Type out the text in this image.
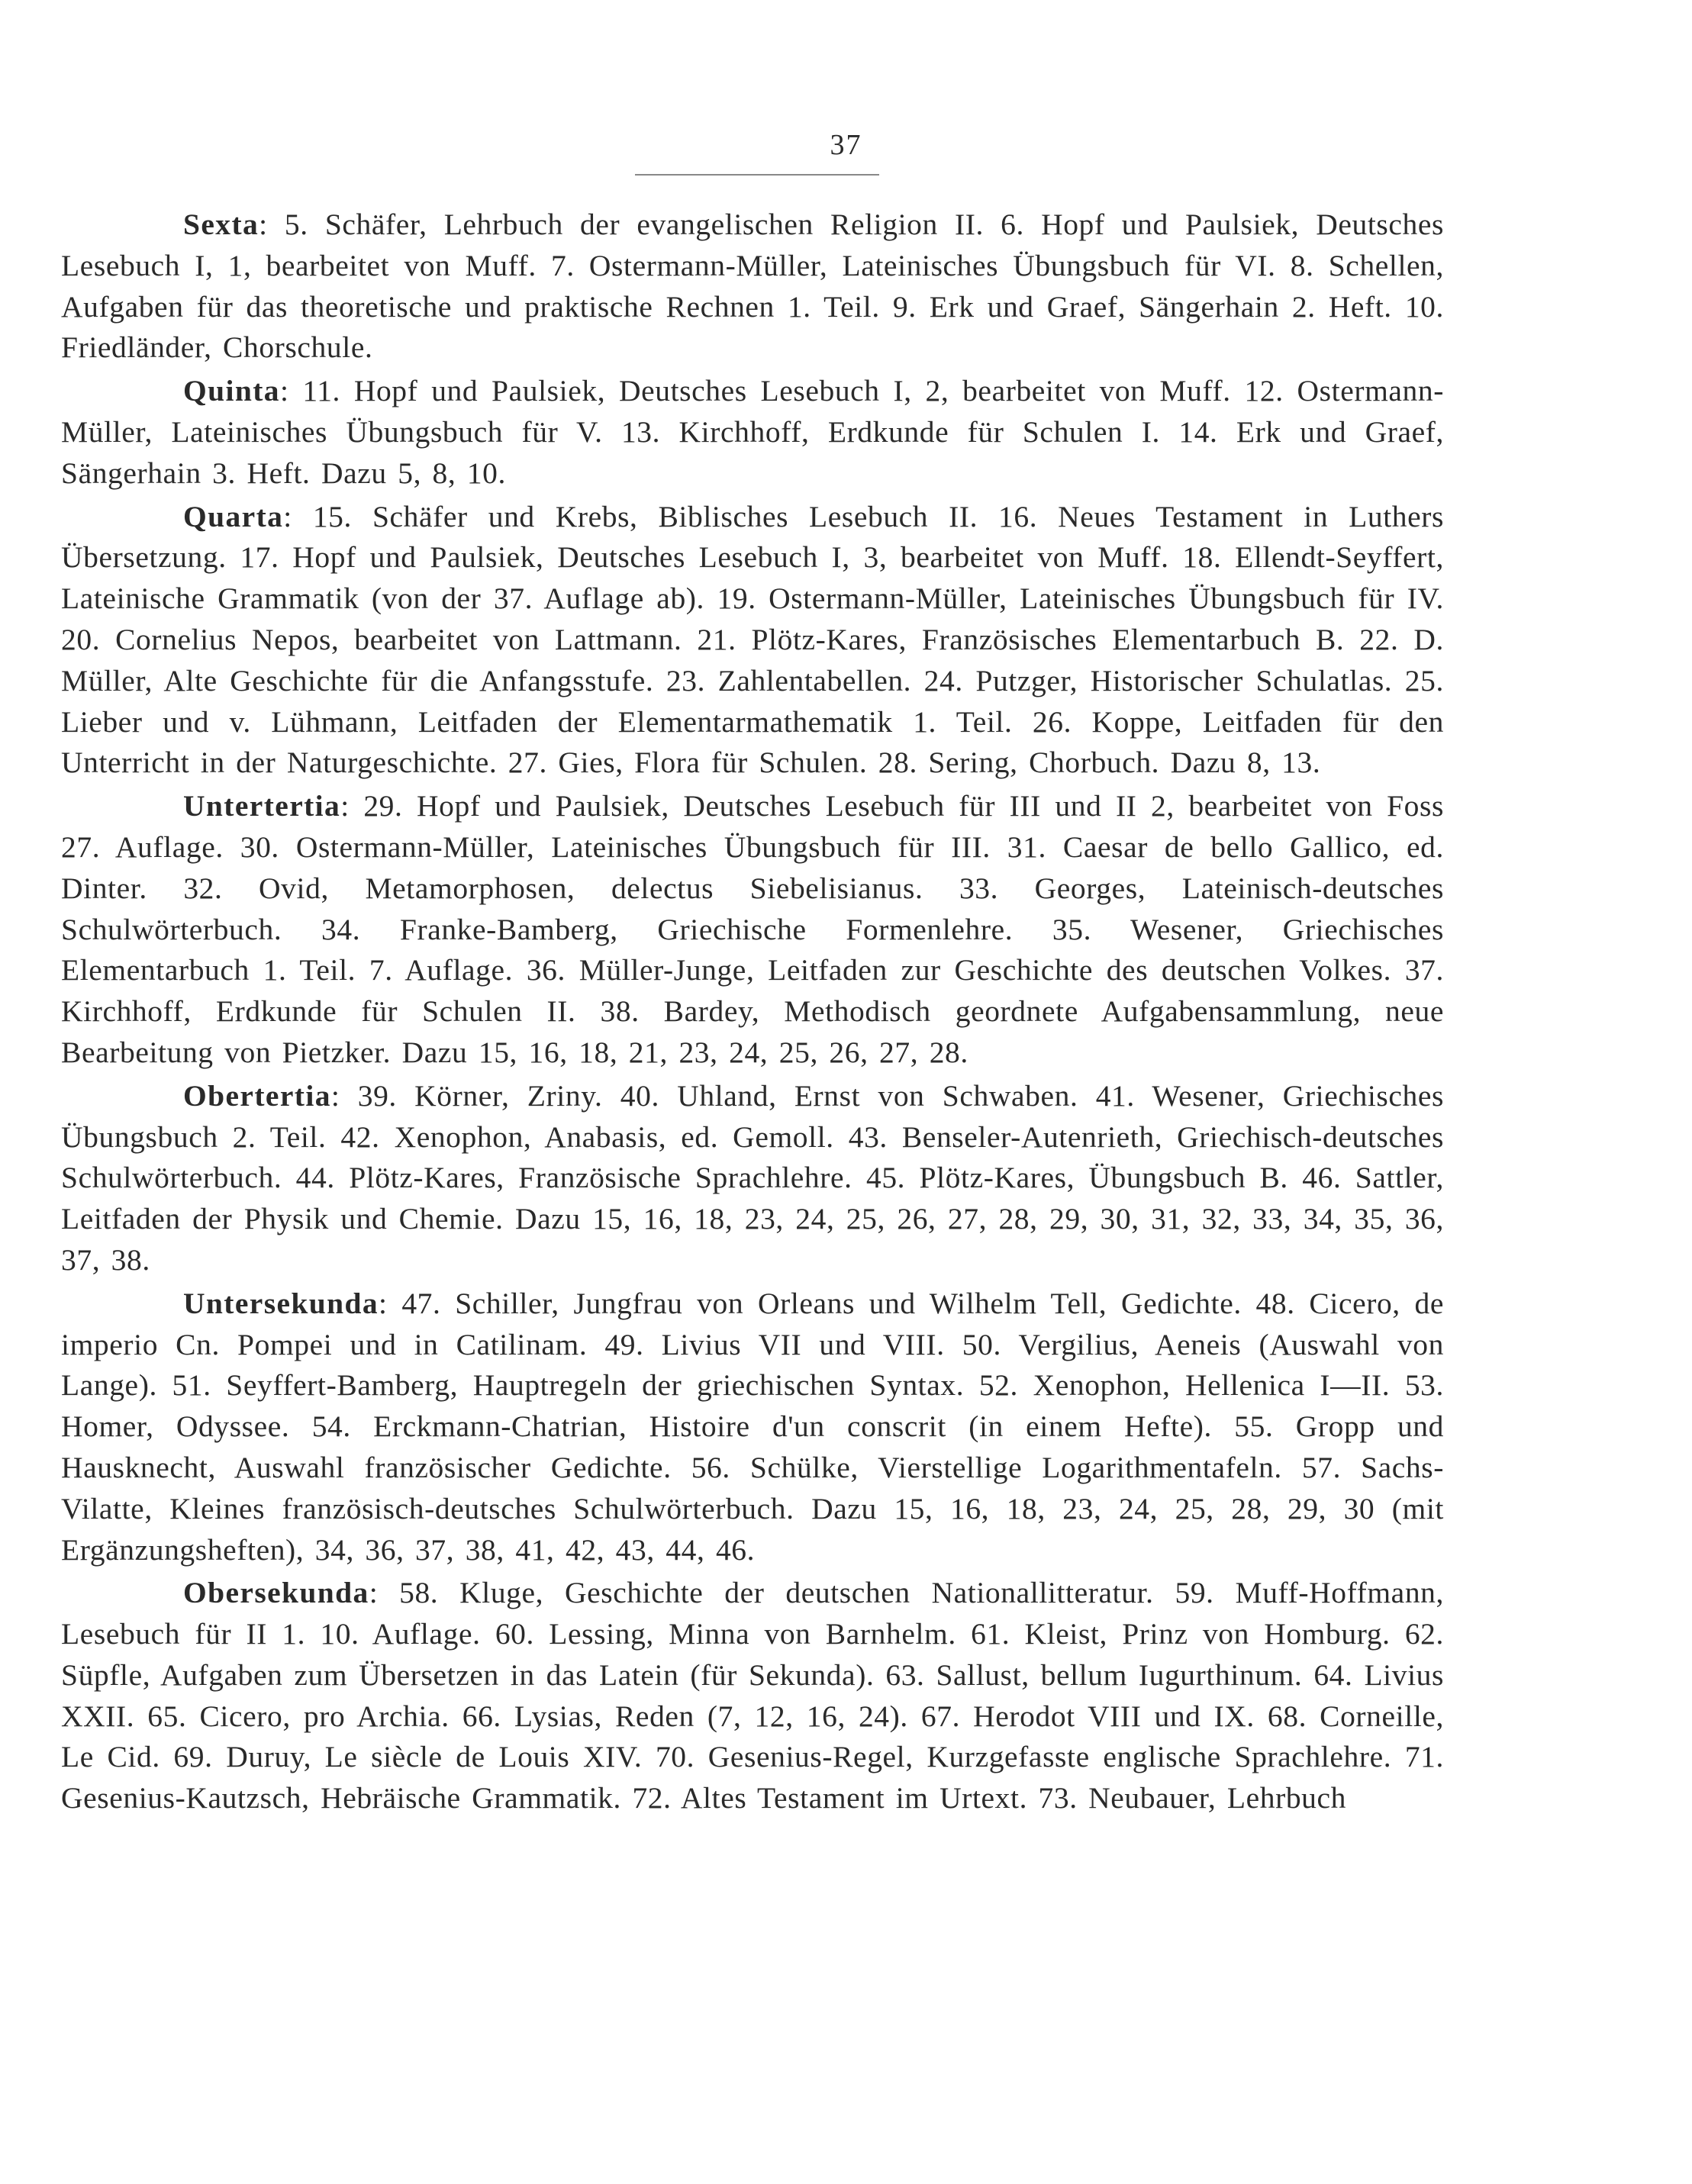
37

Sexta: 5. Schäfer, Lehrbuch der evangelischen Religion II. 6. Hopf und Paulsiek, Deutsches Lesebuch I, 1, bearbeitet von Muff. 7. Ostermann-Müller, Lateinisches Übungsbuch für VI. 8. Schellen, Aufgaben für das theoretische und praktische Rechnen 1. Teil. 9. Erk und Graef, Sängerhain 2. Heft. 10. Friedländer, Chorschule.

Quinta: 11. Hopf und Paulsiek, Deutsches Lesebuch I, 2, bearbeitet von Muff. 12. Ostermann-Müller, Lateinisches Übungsbuch für V. 13. Kirchhoff, Erdkunde für Schulen I. 14. Erk und Graef, Sängerhain 3. Heft. Dazu 5, 8, 10.

Quarta: 15. Schäfer und Krebs, Biblisches Lesebuch II. 16. Neues Testament in Luthers Übersetzung. 17. Hopf und Paulsiek, Deutsches Lesebuch I, 3, bearbeitet von Muff. 18. Ellendt-Seyffert, Lateinische Grammatik (von der 37. Auflage ab). 19. Ostermann-Müller, Lateinisches Übungsbuch für IV. 20. Cornelius Nepos, bearbeitet von Lattmann. 21. Plötz-Kares, Französisches Elementarbuch B. 22. D. Müller, Alte Geschichte für die Anfangsstufe. 23. Zahlentabellen. 24. Putzger, Historischer Schulatlas. 25. Lieber und v. Lühmann, Leitfaden der Elementarmathematik 1. Teil. 26. Koppe, Leitfaden für den Unterricht in der Naturgeschichte. 27. Gies, Flora für Schulen. 28. Sering, Chorbuch. Dazu 8, 13.

Untertertia: 29. Hopf und Paulsiek, Deutsches Lesebuch für III und II 2, bearbeitet von Foss 27. Auflage. 30. Ostermann-Müller, Lateinisches Übungsbuch für III. 31. Caesar de bello Gallico, ed. Dinter. 32. Ovid, Metamorphosen, delectus Siebelisianus. 33. Georges, Lateinisch-deutsches Schulwörterbuch. 34. Franke-Bamberg, Griechische Formenlehre. 35. Wesener, Griechisches Elementarbuch 1. Teil. 7. Auflage. 36. Müller-Junge, Leitfaden zur Geschichte des deutschen Volkes. 37. Kirchhoff, Erdkunde für Schulen II. 38. Bardey, Methodisch geordnete Aufgabensammlung, neue Bearbeitung von Pietzker. Dazu 15, 16, 18, 21, 23, 24, 25, 26, 27, 28.

Obertertia: 39. Körner, Zriny. 40. Uhland, Ernst von Schwaben. 41. Wesener, Griechisches Übungsbuch 2. Teil. 42. Xenophon, Anabasis, ed. Gemoll. 43. Benseler-Autenrieth, Griechisch-deutsches Schulwörterbuch. 44. Plötz-Kares, Französische Sprachlehre. 45. Plötz-Kares, Übungsbuch B. 46. Sattler, Leitfaden der Physik und Chemie. Dazu 15, 16, 18, 23, 24, 25, 26, 27, 28, 29, 30, 31, 32, 33, 34, 35, 36, 37, 38.

Untersekunda: 47. Schiller, Jungfrau von Orleans und Wilhelm Tell, Gedichte. 48. Cicero, de imperio Cn. Pompei und in Catilinam. 49. Livius VII und VIII. 50. Vergilius, Aeneis (Auswahl von Lange). 51. Seyffert-Bamberg, Hauptregeln der griechischen Syntax. 52. Xenophon, Hellenica I—II. 53. Homer, Odyssee. 54. Erckmann-Chatrian, Histoire d'un conscrit (in einem Hefte). 55. Gropp und Hausknecht, Auswahl französischer Gedichte. 56. Schülke, Vierstellige Logarithmentafeln. 57. Sachs-Vilatte, Kleines französisch-deutsches Schulwörterbuch. Dazu 15, 16, 18, 23, 24, 25, 28, 29, 30 (mit Ergänzungsheften), 34, 36, 37, 38, 41, 42, 43, 44, 46.

Obersekunda: 58. Kluge, Geschichte der deutschen Nationallitteratur. 59. Muff-Hoffmann, Lesebuch für II 1. 10. Auflage. 60. Lessing, Minna von Barnhelm. 61. Kleist, Prinz von Homburg. 62. Süpfle, Aufgaben zum Übersetzen in das Latein (für Sekunda). 63. Sallust, bellum Iugurthinum. 64. Livius XXII. 65. Cicero, pro Archia. 66. Lysias, Reden (7, 12, 16, 24). 67. Herodot VIII und IX. 68. Corneille, Le Cid. 69. Duruy, Le siècle de Louis XIV. 70. Gesenius-Regel, Kurzgefasste englische Sprachlehre. 71. Gesenius-Kautzsch, Hebräische Grammatik. 72. Altes Testament im Urtext. 73. Neubauer, Lehrbuch
